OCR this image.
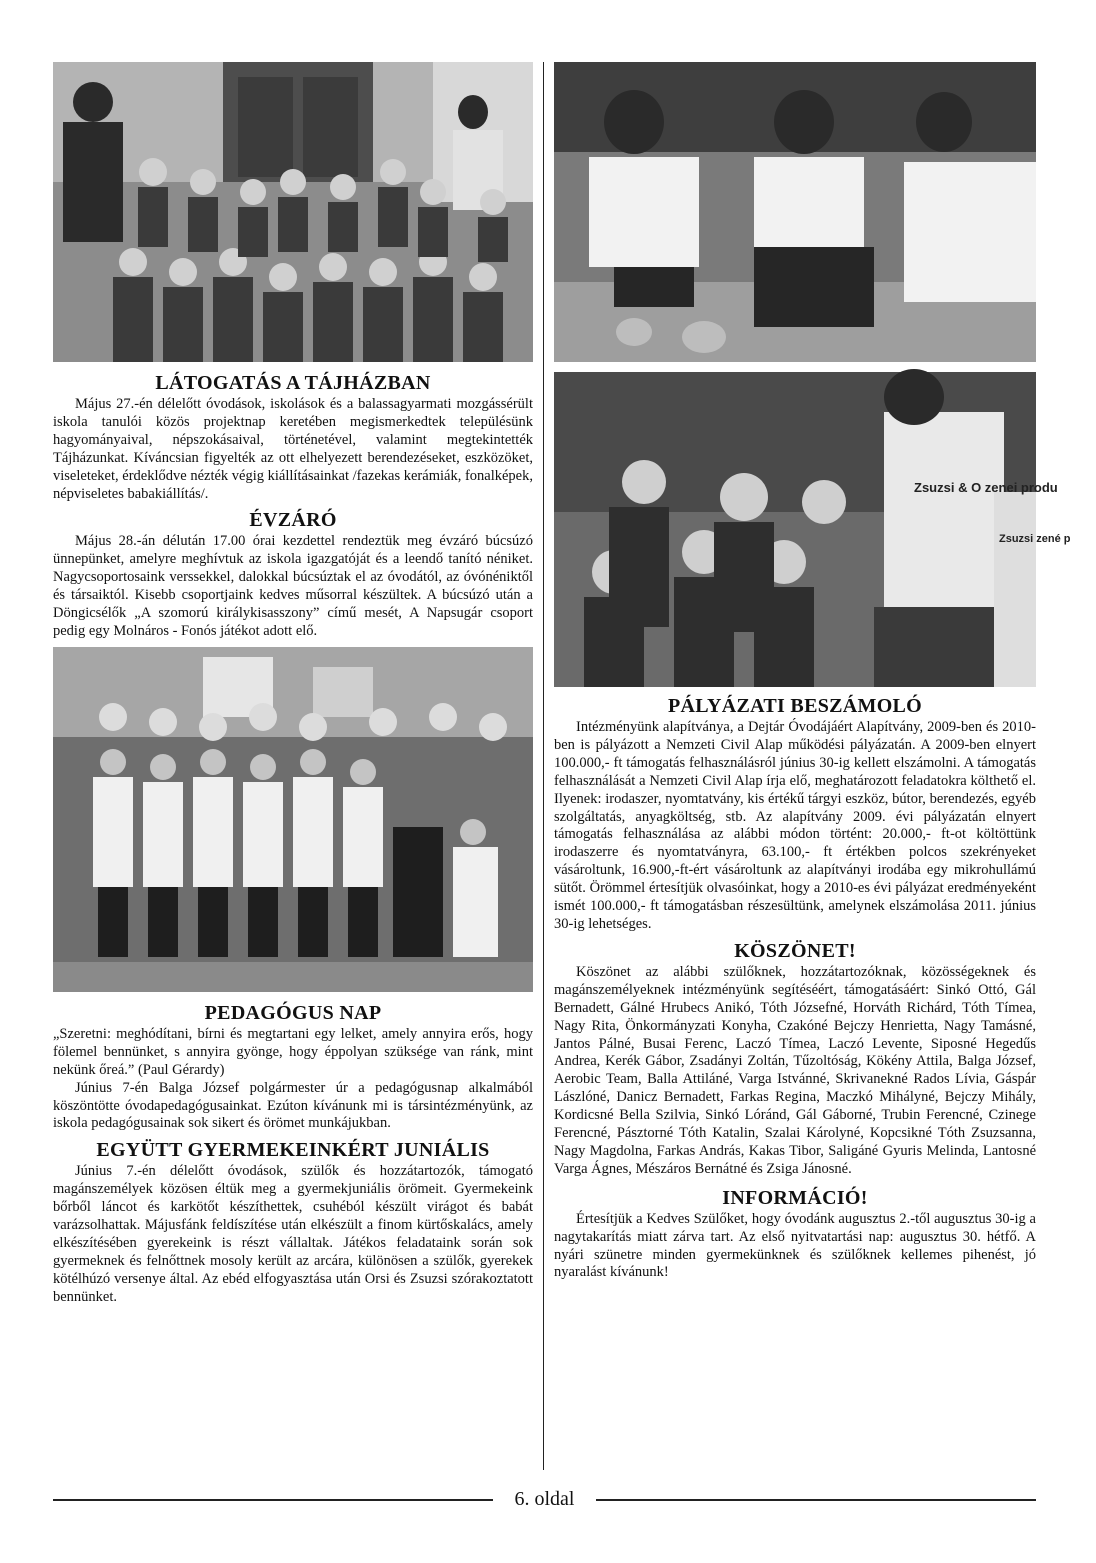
LÁTOGATÁS A TÁJHÁZBAN

Május 27.-én délelőtt óvodások, iskolások és a balassagyarmati mozgássérült iskola tanulói közös projektnap keretében megismerkedtek településünk hagyományaival, népszokásaival, történetével, valamint megtekintették Tájházunkat. Kíváncsian figyelték az ott elhelyezett berendezéseket, eszközöket, viseleteket, érdeklődve nézték végig kiállításainkat /fazekas kerámiák, fonalképek, népviseletes babakiállítás/.

ÉVZÁRÓ

Május 28.-án délután 17.00 órai kezdettel rendeztük meg évzáró búcsúzó ünnepünket, amelyre meghívtuk az iskola igazgatóját és a leendő tanító néniket. Nagycsoportosaink verssekkel, dalokkal búcsúztak el az óvodától, az óvónéniktől és társaiktól. Kisebb csoportjaink kedves műsorral készültek. A búcsúzó után a Döngicsélők „A szomorú királykisasszony” című mesét, A Napsugár csoport pedig egy Molnáros - Fonós játékot adott elő.

PEDAGÓGUS NAP

„Szeretni: meghódítani, bírni és megtartani egy lelket, amely annyira erős, hogy fölemel bennünket, s annyira gyönge, hogy éppolyan szüksége van ránk, mint nekünk őreá.” (Paul Gérardy)

Június 7-én Balga József polgármester úr a pedagógusnap alkalmából köszöntötte óvodapedagógusainkat. Ezúton kívánunk mi is társintézményünk, az iskola pedagógusainak sok sikert és örömet munkájukban.

EGYÜTT GYERMEKEINKÉRT JUNIÁLIS

Június 7.-én délelőtt óvodások, szülők és hozzátartozók, támogató magánszemélyek közösen éltük meg a gyermekjuniális örömeit. Gyermekeink bőrből láncot és karkötőt készíthettek, csuhéból készült virágot és babát varázsolhattak. Májusfánk feldíszítése után elkészült a finom kürtőskalács, amely elkészítésében gyerekeink is részt vállaltak. Játékos feladataink során sok gyermeknek és felnőttnek mosoly került az arcára, különösen a szülők, gyerekek kötélhúzó versenye által. Az ebéd elfogyasztása után Orsi és Zsuzsi szórakoztatott bennünket.

Zsuzsi & O zenei produ
Zsuzsi zené p
PÁLYÁZATI BESZÁMOLÓ

Intézményünk alapítványa, a Dejtár Óvodájáért Alapítvány, 2009-ben és 2010-ben is pályázott a Nemzeti Civil Alap működési pályázatán. A 2009-ben elnyert 100.000,- ft támogatás felhasználásról június 30-ig kellett elszámolni. A támogatás felhasználását a Nemzeti Civil Alap írja elő, meghatározott feladatokra költhető el. Ilyenek: irodaszer, nyomtatvány, kis értékű tárgyi eszköz, bútor, berendezés, egyéb szolgáltatás, anyagköltség, stb. Az alapítvány 2009. évi pályázatán elnyert támogatás felhasználása az alábbi módon történt: 20.000,- ft-ot költöttünk irodaszerre és nyomtatványra, 63.100,- ft értékben polcos szekrényeket vásároltunk, 16.900,-ft-ért vásároltunk az alapítványi irodába egy mikrohullámú sütőt. Örömmel értesítjük olvasóinkat, hogy a 2010-es évi pályázat eredményeként ismét 100.000,- ft támogatásban részesültünk, amelynek elszámolása 2011. június 30-ig lehetséges.

KÖSZÖNET!

Köszönet az alábbi szülőknek, hozzátartozóknak, közösségeknek és magánszemélyeknek intézményünk segítéséért, támogatásáért: Sinkó Ottó, Gál Bernadett, Gálné Hrubecs Anikó, Tóth Józsefné, Horváth Richárd, Tóth Tímea, Nagy Rita, Önkormányzati Konyha, Czakóné Bejczy Henrietta, Nagy Tamásné, Jantos Pálné, Busai Ferenc, Laczó Tímea, Laczó Levente, Siposné Hegedűs Andrea, Kerék Gábor, Zsadányi Zoltán, Tűzoltóság, Kökény Attila, Balga József, Aerobic Team, Balla Attiláné, Varga Istvánné, Skrivanekné Rados Lívia, Gáspár Lászlóné, Danicz Bernadett, Farkas Regina, Maczkó Mihályné, Bejczy Mihály, Kordicsné Bella Szilvia, Sinkó Lóránd, Gál Gáborné, Trubin Ferencné, Czinege Ferencné, Pásztorné Tóth Katalin, Szalai Károlyné, Kopcsikné Tóth Zsuzsanna, Nagy Magdolna, Farkas András, Kakas Tibor, Saligáné Gyuris Melinda, Lantosné Varga Ágnes, Mészáros Bernátné és Zsiga Jánosné.

INFORMÁCIÓ!

Értesítjük a Kedves Szülőket, hogy óvodánk augusztus 2.-től augusztus 30-ig a nagytakarítás miatt zárva tart. Az első nyitvatartási nap: augusztus 30. hétfő. A nyári szünetre minden gyermekünknek és szülőknek kellemes pihenést, jó nyaralást kívánunk!

6. oldal
